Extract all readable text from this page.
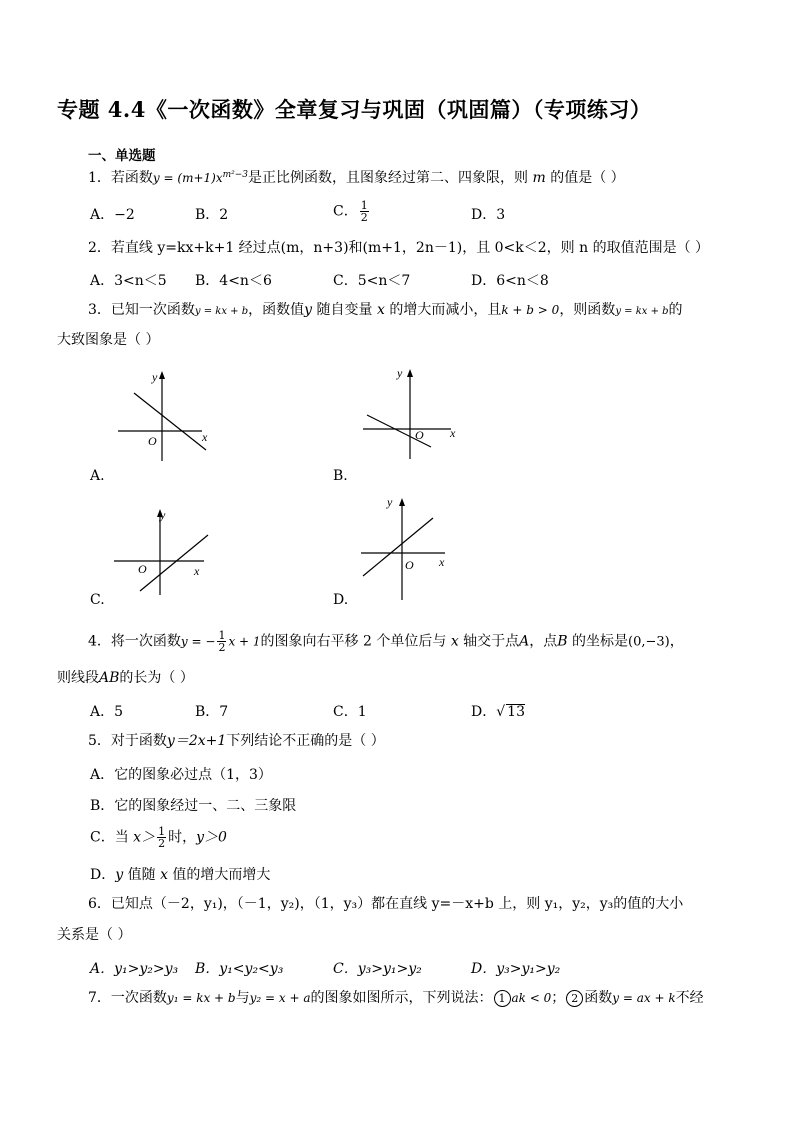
专题 4.4《一次函数》全章复习与巩固（巩固篇）（专项练习）
一、单选题
1．若函数$y = (m+1)x^{m^2-3}$是正比例函数，且图象经过第二、四象限，则 m 的值是（ ）
A．−2	B．2	C． $\frac{1}{2}$	D．3
2．若直线 y=kx+k+1 经过点(m，n+3)和(m+1，2n－1)，且 0<k＜2，则 n 的取值范围是（ ）
A．3<n＜5 B．4<n＜6	C．5<n＜7	D．6<n＜8
3．已知一次函数y = kx + b，函数值y 随自变量 x 的增大而减小，且k + b > 0，则函数y = kx + b的
大致图象是（ ）
y
O	x
A.
y
O x
B.
y
O	x
C.
y
O x
D.
4．将一次函数y = − $\frac{1}{2}$ x + 1的图象向右平移 2 个单位后与 x 轴交于点A，点B 的坐标是(0,−3)，
则线段AB的长为（ ）
A．5	B．7	C．1	D．√ 13
5．对于函数y＝2x+1下列结论不正确的是（ ）
A．它的图象必过点（1，3）
B．它的图象经过一、二、三象限
C．当 $x> \frac{1}{2}$ 时，y＞0
D．y 值随 x 值的增大而增大
6．已知点（－2，y₁)，（－1，y₂)，（1，y₃）都在直线 y=－x+b 上，则 y₁，y₂，y₃的值的大小
关系是（ ）
A．y₁>y₂>y₃ B．y₁<y₂<y₃	C．y₃>y₁>y₂	D．y₃>y₁>y₂
7．一次函数y₁ = kx + b与y₂ = x + a的图象如图所示，下列说法： 1 ak < 0； 2 函数y = ax + k不经
